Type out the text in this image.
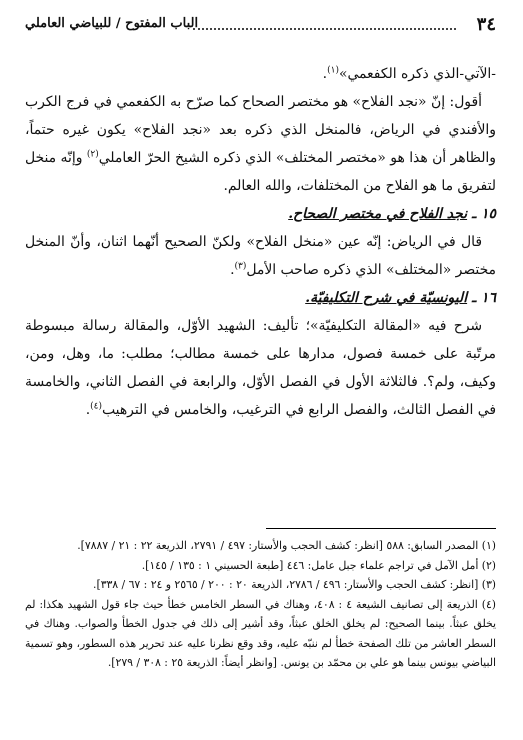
٣٤
الباب المفتوح / للبياضي العاملي

-الآتي-الذي ذكره الكفعمي»$^{(١)}$.

أقول: إنّ «نجد الفلاح» هو مختصر الصحاح كما صرّح به الكفعمي في فرج الكرب والأفندي في الرياض، فالمنخل الذي ذكره بعد «نجد الفلاح» يكون غيره حتماً، والظاهر أن هذا هو «مختصر المختلف» الذي ذكره الشيخ الحرّ العاملي$^{(٢)}$ وإنّه منخل لتفريق ما هو الفلاح من المختلفات، والله العالم.

١٥ ـ نجد الفلاح في مختصر الصحاح.

قال في الرياض: إنّه عين «منخل الفلاح» ولكنّ الصحيح أنّهما اثنان، وأنّ المنخل مختصر «المختلف» الذي ذكره صاحب الأمل$^{(٣)}$.

١٦ ـ اليونسيّة في شرح التكليفيّة.

شرح فيه «المقالة التكليفيّة»؛ تأليف: الشهيد الأوّل، والمقالة رسالة مبسوطة مرتّبة على خمسة فصول، مدارها على خمسة مطالب؛ مطلب: ما، وهل، ومن، وكيف، ولم؟. فالثلاثة الأول في الفصل الأوّل، والرابعة في الفصل الثاني، والخامسة في الفصل الثالث، والفصل الرابع في الترغيب، والخامس في الترهيب$^{(٤)}$.

(١) المصدر السابق: ٥٨٨ [انظر: كشف الحجب والأستار: ٤٩٧ / ٢٧٩١، الذريعة ٢٢ : ٢١ / ٧٨٨٧].

(٢) أمل الآمل في تراجم علماء جبل عامل: ٤٤٦ [طبعة الحسيني ١ : ١٣٥ / ١٤٥].

(٣) [انظر: كشف الحجب والأستار: ٤٩٦ / ٢٧٨٦، الذريعة ٢٠ : ٢٠٠ / ٢٥٦٥ و ٢٤ : ٦٧ / ٣٣٨].

(٤) الذريعة إلى تصانيف الشيعة ٤ : ٤٠٨، وهناك في السطر الخامس خطأ حيث جاء قول الشهيد هكذا: لم يخلق عبثاً. بينما الصحيح: لم يخلق الخلق عبثاً، وقد أشير إلى ذلك في جدول الخطأ والصواب. وهناك في السطر العاشر من تلك الصفحة خطأ لم ننبّه عليه، وقد وقع نظرنا عليه عند تحرير هذه السطور، وهو تسمية البياضي بيونس بينما هو علي بن محمّد بن يونس. [وانظر أيضاً: الذريعة ٢٥ : ٣٠٨ / ٢٧٩].
